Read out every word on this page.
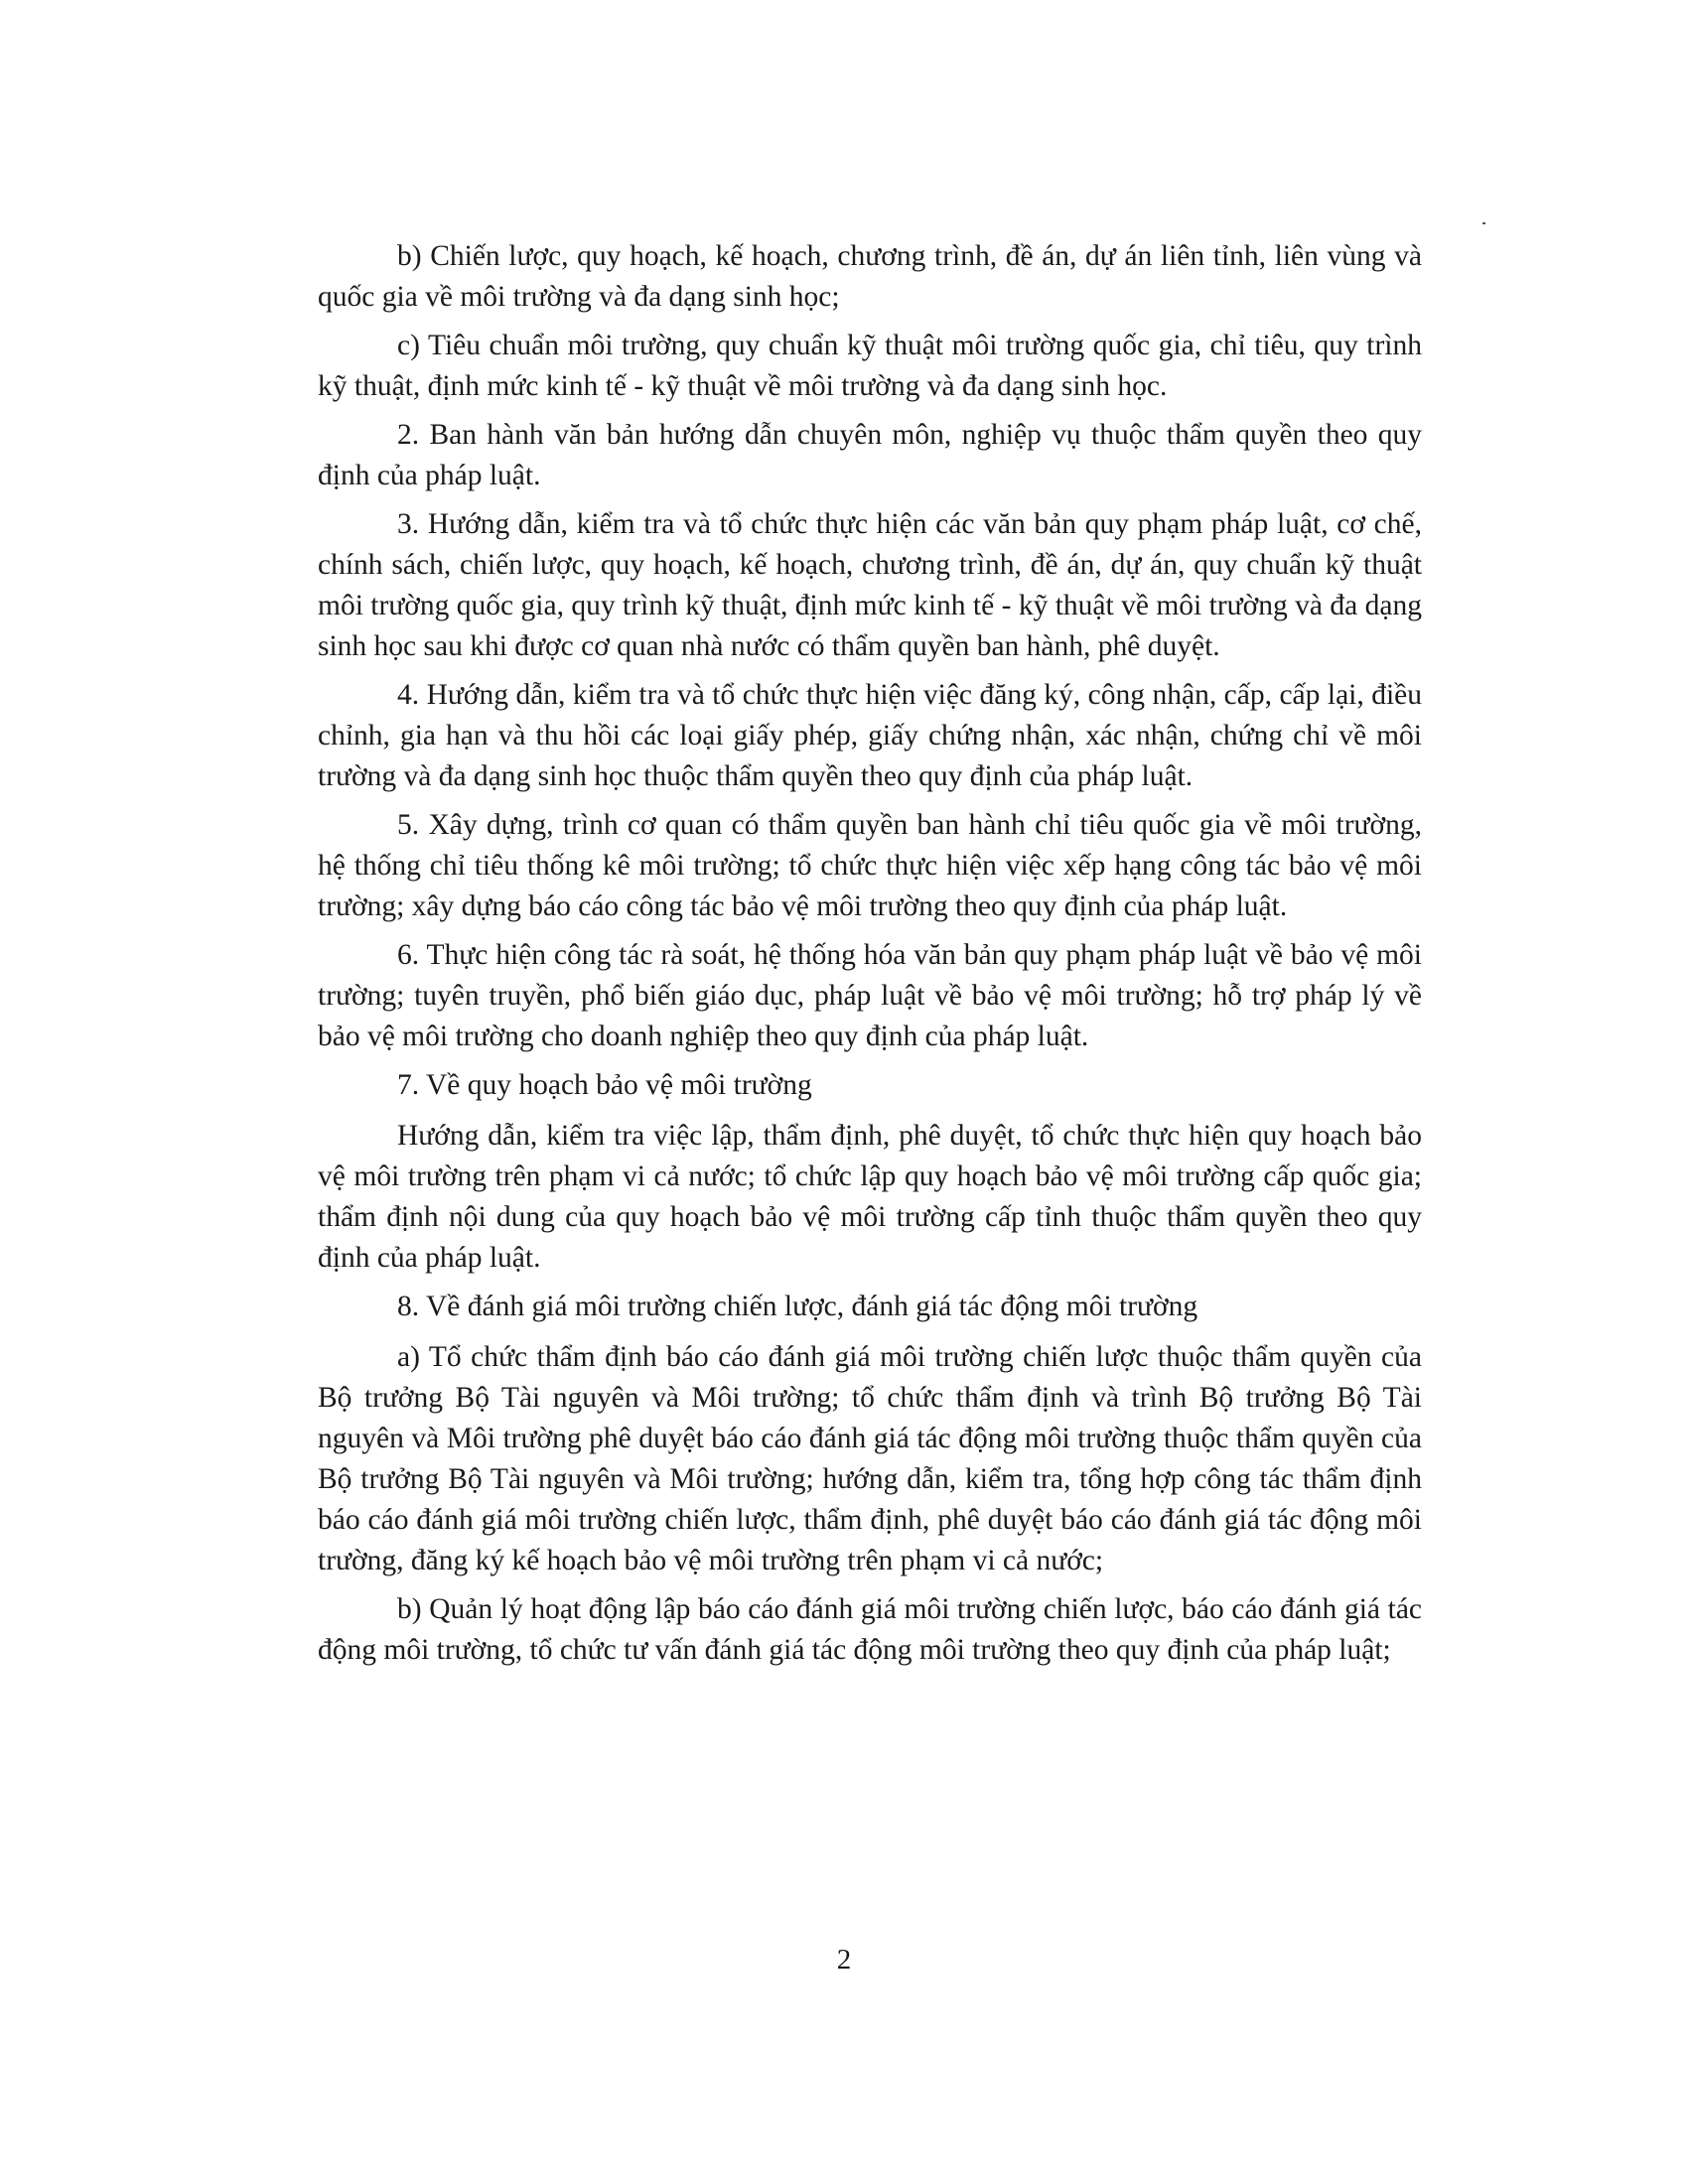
b) Chiến lược, quy hoạch, kế hoạch, chương trình, đề án, dự án liên tỉnh, liên vùng và quốc gia về môi trường và đa dạng sinh học;

c) Tiêu chuẩn môi trường, quy chuẩn kỹ thuật môi trường quốc gia, chỉ tiêu, quy trình kỹ thuật, định mức kinh tế - kỹ thuật về môi trường và đa dạng sinh học.

2. Ban hành văn bản hướng dẫn chuyên môn, nghiệp vụ thuộc thẩm quyền theo quy định của pháp luật.

3. Hướng dẫn, kiểm tra và tổ chức thực hiện các văn bản quy phạm pháp luật, cơ chế, chính sách, chiến lược, quy hoạch, kế hoạch, chương trình, đề án, dự án, quy chuẩn kỹ thuật môi trường quốc gia, quy trình kỹ thuật, định mức kinh tế - kỹ thuật về môi trường và đa dạng sinh học sau khi được cơ quan nhà nước có thẩm quyền ban hành, phê duyệt.

4. Hướng dẫn, kiểm tra và tổ chức thực hiện việc đăng ký, công nhận, cấp, cấp lại, điều chỉnh, gia hạn và thu hồi các loại giấy phép, giấy chứng nhận, xác nhận, chứng chỉ về môi trường và đa dạng sinh học thuộc thẩm quyền theo quy định của pháp luật.

5. Xây dựng, trình cơ quan có thẩm quyền ban hành chỉ tiêu quốc gia về môi trường, hệ thống chỉ tiêu thống kê môi trường; tổ chức thực hiện việc xếp hạng công tác bảo vệ môi trường; xây dựng báo cáo công tác bảo vệ môi trường theo quy định của pháp luật.

6. Thực hiện công tác rà soát, hệ thống hóa văn bản quy phạm pháp luật về bảo vệ môi trường; tuyên truyền, phổ biến giáo dục, pháp luật về bảo vệ môi trường; hỗ trợ pháp lý về bảo vệ môi trường cho doanh nghiệp theo quy định của pháp luật.

7. Về quy hoạch bảo vệ môi trường

Hướng dẫn, kiểm tra việc lập, thẩm định, phê duyệt, tổ chức thực hiện quy hoạch bảo vệ môi trường trên phạm vi cả nước; tổ chức lập quy hoạch bảo vệ môi trường cấp quốc gia; thẩm định nội dung của quy hoạch bảo vệ môi trường cấp tỉnh thuộc thẩm quyền theo quy định của pháp luật.

8. Về đánh giá môi trường chiến lược, đánh giá tác động môi trường

a) Tổ chức thẩm định báo cáo đánh giá môi trường chiến lược thuộc thẩm quyền của Bộ trưởng Bộ Tài nguyên và Môi trường; tổ chức thẩm định và trình Bộ trưởng Bộ Tài nguyên và Môi trường phê duyệt báo cáo đánh giá tác động môi trường thuộc thẩm quyền của Bộ trưởng Bộ Tài nguyên và Môi trường; hướng dẫn, kiểm tra, tổng hợp công tác thẩm định báo cáo đánh giá môi trường chiến lược, thẩm định, phê duyệt báo cáo đánh giá tác động môi trường, đăng ký kế hoạch bảo vệ môi trường trên phạm vi cả nước;

b) Quản lý hoạt động lập báo cáo đánh giá môi trường chiến lược, báo cáo đánh giá tác động môi trường, tổ chức tư vấn đánh giá tác động môi trường theo quy định của pháp luật;

2
